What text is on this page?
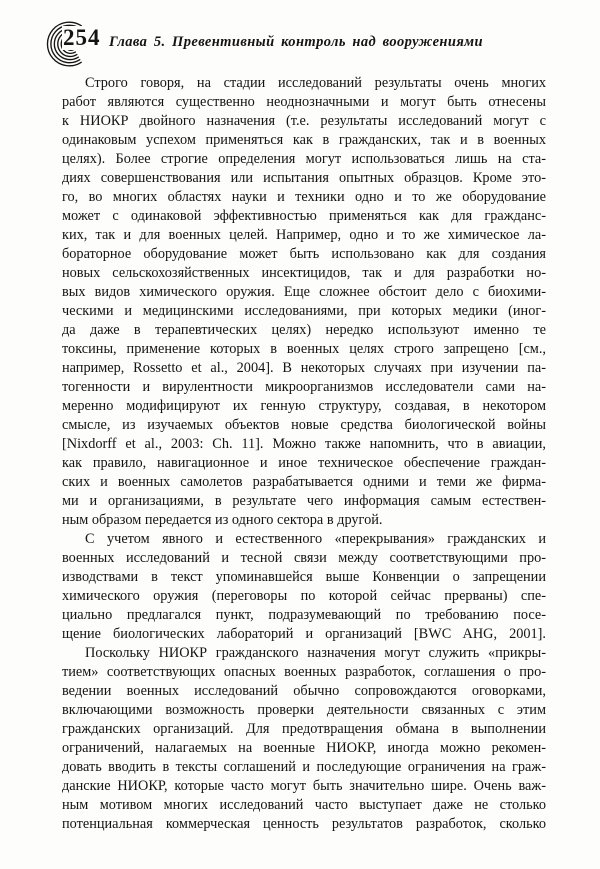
254 Глава 5. Превентивный контроль над вооружениями
Строго говоря, на стадии исследований результаты очень многих
работ являются существенно неоднозначными и могут быть отнесены
к НИОКР двойного назначения (т.е. результаты исследований могут с
одинаковым успехом применяться как в гражданских, так и в военных
целях). Более строгие определения могут использоваться лишь на ста-
диях совершенствования или испытания опытных образцов. Кроме это-
го, во многих областях науки и техники одно и то же оборудование
может с одинаковой эффективностью применяться как для гражданс-
ких, так и для военных целей. Например, одно и то же химическое ла-
бораторное оборудование может быть использовано как для создания
новых сельскохозяйственных инсектицидов, так и для разработки но-
вых видов химического оружия. Еще сложнее обстоит дело с биохими-
ческими и медицинскими исследованиями, при которых медики (иног-
да даже в терапевтических целях) нередко используют именно те
токсины, применение которых в военных целях строго запрещено [см.,
например, Rossetto et al., 2004]. В некоторых случаях при изучении па-
тогенности и вирулентности микроорганизмов исследователи сами на-
меренно модифицируют их генную структуру, создавая, в некотором
смысле, из изучаемых объектов новые средства биологической войны
[Nixdorff et al., 2003: Ch. 11]. Можно также напомнить, что в авиации,
как правило, навигационное и иное техническое обеспечение граждан-
ских и военных самолетов разрабатывается одними и теми же фирма-
ми и организациями, в результате чего информация самым естествен-
ным образом передается из одного сектора в другой.
С учетом явного и естественного «перекрывания» гражданских и
военных исследований и тесной связи между соответствующими про-
изводствами в текст упоминавшейся выше Конвенции о запрещении
химического оружия (переговоры по которой сейчас прерваны) спе-
циально предлагался пункт, подразумевающий по требованию посе-
щение биологических лабораторий и организаций [BWC AHG, 2001].
Поскольку НИОКР гражданского назначения могут служить «прикры-
тием» соответствующих опасных военных разработок, соглашения о про-
ведении военных исследований обычно сопровождаются оговорками,
включающими возможность проверки деятельности связанных с этим
гражданских организаций. Для предотвращения обмана в выполнении
ограничений, налагаемых на военные НИОКР, иногда можно рекомен-
довать вводить в тексты соглашений и последующие ограничения на граж-
данские НИОКР, которые часто могут быть значительно шире. Очень важ-
ным мотивом многих исследований часто выступает даже не столько
потенциальная коммерческая ценность результатов разработок, сколько
